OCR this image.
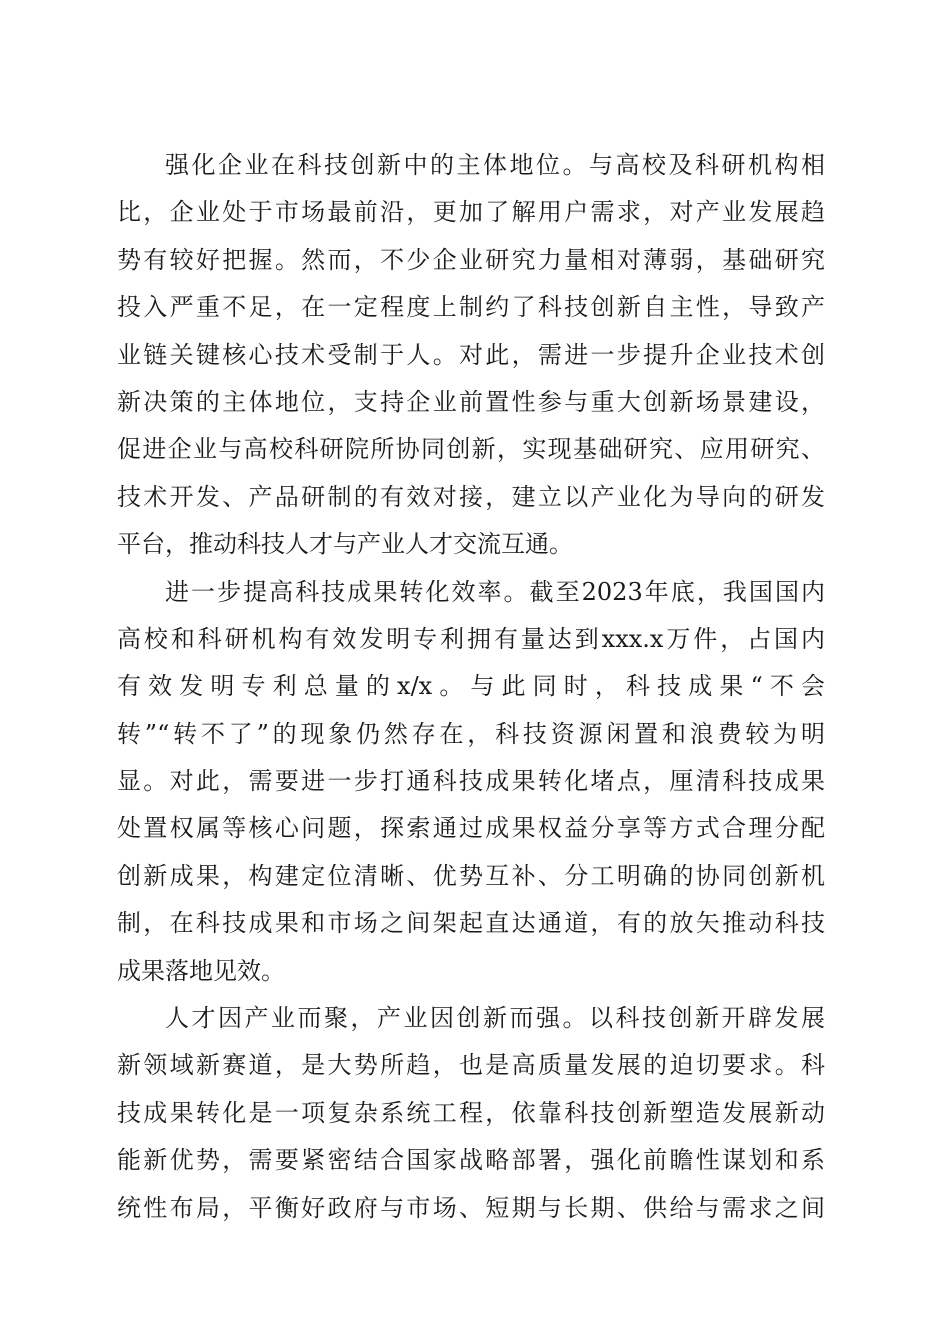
强化企业在科技创新中的主体地位。与高校及科研机构相
比，企业处于市场最前沿，更加了解用户需求，对产业发展趋
势有较好把握。然而，不少企业研究力量相对薄弱，基础研究
投入严重不足，在一定程度上制约了科技创新自主性，导致产
业链关键核心技术受制于人。对此，需进一步提升企业技术创
新决策的主体地位，支持企业前置性参与重大创新场景建设，
促进企业与高校科研院所协同创新，实现基础研究、应用研究、
技术开发、产品研制的有效对接，建立以产业化为导向的研发
平台，推动科技人才与产业人才交流互通。
进一步提高科技成果转化效率。截至2023年底，我国国内
高校和科研机构有效发明专利拥有量达到xxx.x万件，占国内
有效发明专利总量的x/x。与此同时，科技成果“不会
转”“转不了”的现象仍然存在，科技资源闲置和浪费较为明
显。对此，需要进一步打通科技成果转化堵点，厘清科技成果
处置权属等核心问题，探索通过成果权益分享等方式合理分配
创新成果，构建定位清晰、优势互补、分工明确的协同创新机
制，在科技成果和市场之间架起直达通道，有的放矢推动科技
成果落地见效。
人才因产业而聚，产业因创新而强。以科技创新开辟发展
新领域新赛道，是大势所趋，也是高质量发展的迫切要求。科
技成果转化是一项复杂系统工程，依靠科技创新塑造发展新动
能新优势，需要紧密结合国家战略部署，强化前瞻性谋划和系
统性布局，平衡好政府与市场、短期与长期、供给与需求之间
